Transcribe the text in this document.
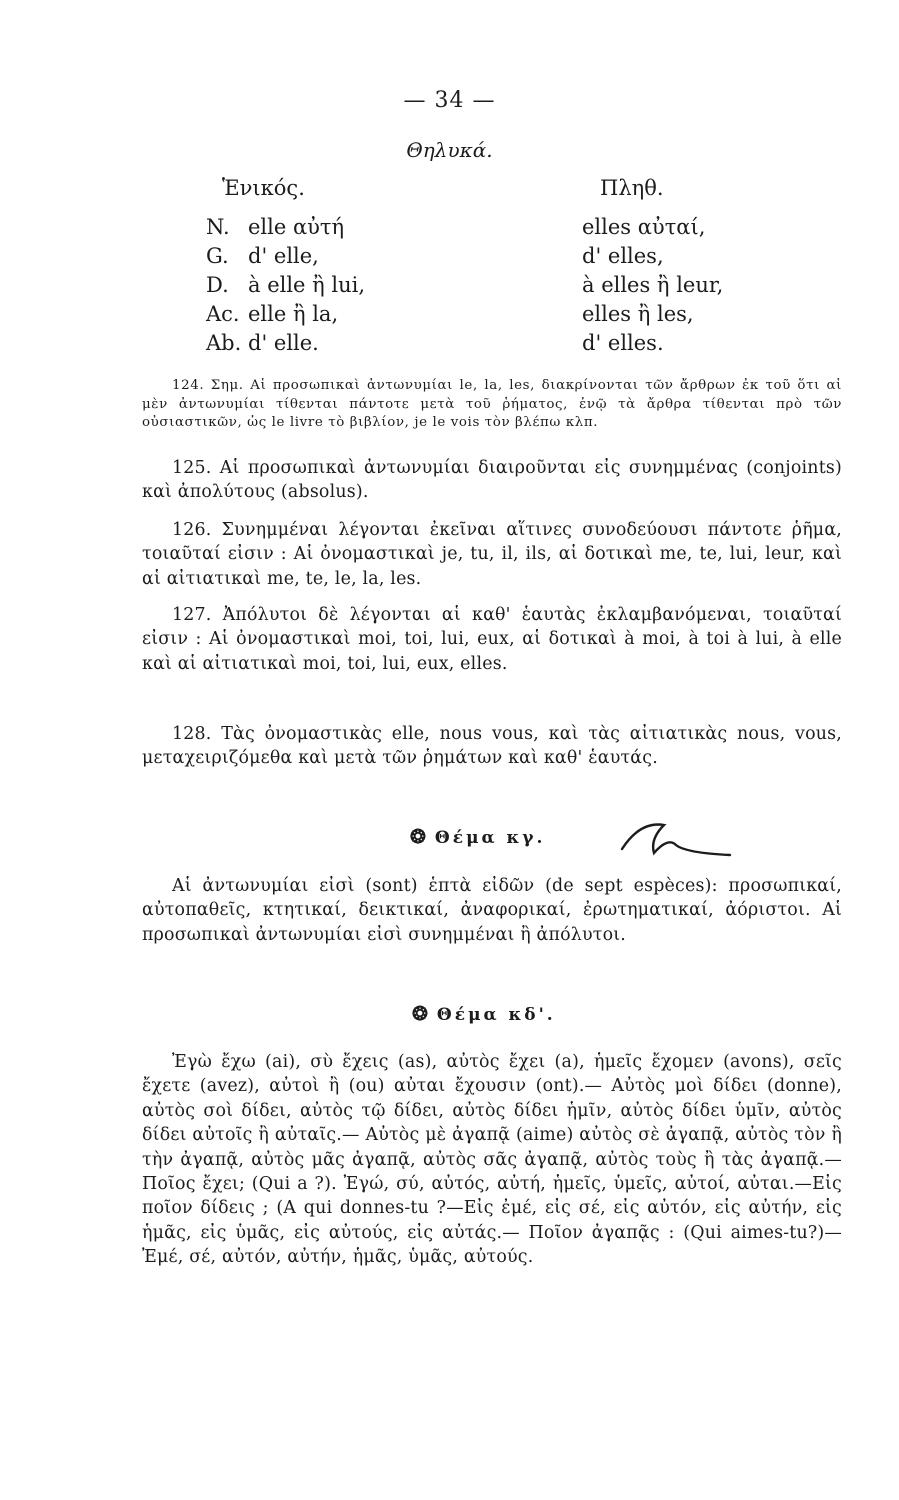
— 34 —
Θηλυκά.
Ἑνικός.	Πληθ.
N. elle αὐτή
G. d' elle,
D. à elle ἢ lui,
Ac. elle ἢ la,
Ab. d' elle.
elles αὐταί,
d' elles,
à elles ἢ leur,
elles ἢ les,
d' elles.
124. Σημ. Αἱ προσωπικαὶ ἀντωνυμίαι le, la, les, διακρίνονται τῶν ἄρθρων ἐκ τοῦ ὅτι αἱ μὲν ἀντωνυμίαι τίθενται πάντοτε μετὰ τοῦ ῥήματος, ἐνῷ τὰ ἄρθρα τίθενται πρὸ τῶν οὐσιαστικῶν, ὡς le livre τὸ βιβλίον, je le vois τὸν βλέπω κλπ.
125. Αἱ προσωπικαὶ ἀντωνυμίαι διαιροῦνται εἰς συνημμένας (conjoints) καὶ ἀπολύτους (absolus).
126. Συνημμέναι λέγονται ἐκεῖναι αἵτινες συνοδεύουσι πάντοτε ῥῆμα, τοιαῦταί εἰσιν : Αἱ ὀνομαστικαὶ je, tu, il, ils, αἱ δοτικαὶ me, te, lui, leur, καὶ αἱ αἰτιατικαὶ me, te, le, la, les.
127. Ἀπόλυτοι δὲ λέγονται αἱ καθ' ἑαυτὰς ἐκλαμβανόμεναι, τοιαῦταί εἰσιν : Αἱ ὀνομαστικαὶ moi, toi, lui, eux, αἱ δοτικαὶ à moi, à toi à lui, à elle καὶ αἱ αἰτιατικαὶ moi, toi, lui, eux, elles.
128. Τὰς ὀνομαστικὰς elle, nous vous, καὶ τὰς αἰτιατικὰς nous, vous, μεταχειριζόμεθα καὶ μετὰ τῶν ῥημάτων καὶ καθ' ἑαυτάς.
❂ Θέμα κγ.
Αἱ ἀντωνυμίαι εἰσὶ (sont) ἑπτὰ εἰδῶν (de sept espèces): προσωπικαί, αὐτοπαθεῖς, κτητικαί, δεικτικαί, ἀναφορικαί, ἐρωτηματικαί, ἀόριστοι. Αἱ προσωπικαὶ ἀντωνυμίαι εἰσὶ συνημμέναι ἢ ἀπόλυτοι.
❂ Θέμα κδ'.
Ἐγὼ ἔχω (ai), σὺ ἔχεις (as), αὐτὸς ἔχει (a), ἡμεῖς ἔχομεν (avons), σεῖς ἔχετε (avez), αὐτοὶ ἢ (ou) αὐται ἔχουσιν (ont).— Αὐτὸς μοὶ δίδει (donne), αὐτὸς σοὶ δίδει, αὐτὸς τῷ δίδει, αὐτὸς δίδει ἡμῖν, αὐτὸς δίδει ὑμῖν, αὐτὸς δίδει αὐτοῖς ἢ αὐταῖς.— Αὐτὸς μὲ ἀγαπᾷ (aime) αὐτὸς σὲ ἀγαπᾷ, αὐτὸς τὸν ἢ τὴν ἀγαπᾷ, αὐτὸς μᾶς ἀγαπᾷ, αὐτὸς σᾶς ἀγαπᾷ, αὐτὸς τοὺς ἢ τὰς ἀγαπᾷ.—Ποῖος ἔχει; (Qui a ?). Ἐγώ, σύ, αὐτός, αὐτή, ἡμεῖς, ὑμεῖς, αὐτοί, αὐται.—Εἰς ποῖον δίδεις ; (A qui donnes-tu ?—Εἰς ἐμέ, εἰς σέ, εἰς αὐτόν, εἰς αὐτήν, εἰς ἡμᾶς, εἰς ὑμᾶς, εἰς αὐτούς, εἰς αὐτάς.— Ποῖον ἀγαπᾷς : (Qui aimes-tu?)—Ἐμέ, σέ, αὐτόν, αὐτήν, ἡμᾶς, ὑμᾶς, αὐτούς.
